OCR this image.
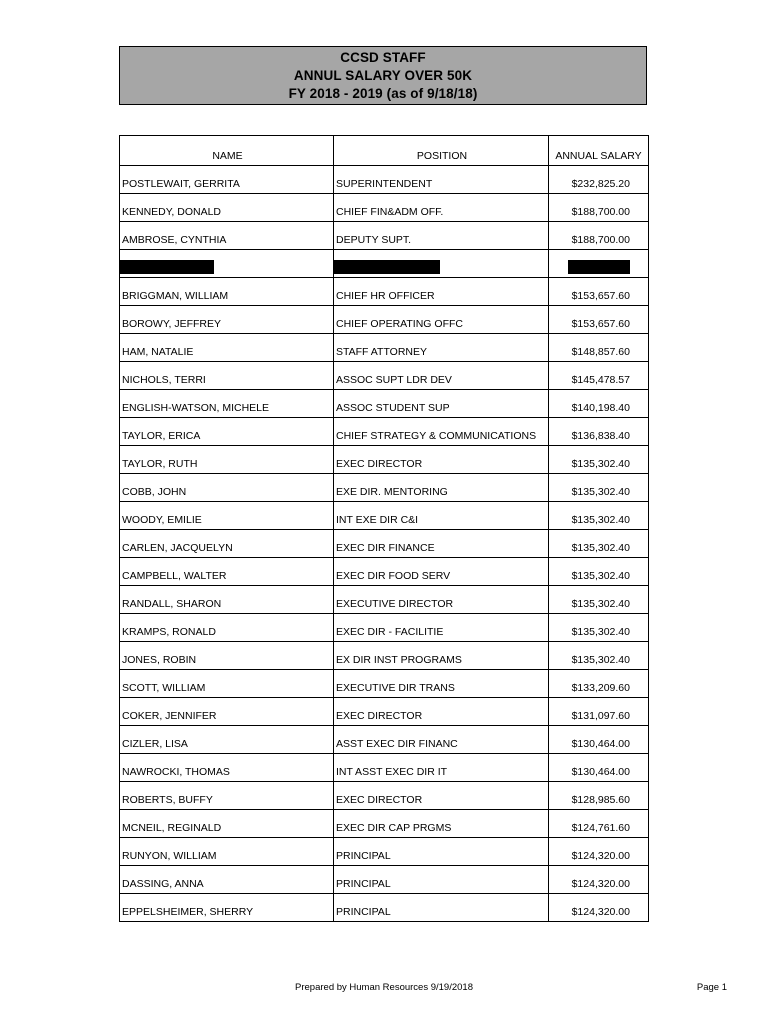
CCSD STAFF
ANNUL SALARY OVER 50K
FY 2018 - 2019 (as of 9/18/18)
NAME	POSITION	ANNUAL SALARY
POSTLEWAIT, GERRITA	SUPERINTENDENT	$232,825.20
KENNEDY, DONALD	CHIEF FIN&ADM OFF.	$188,700.00
AMBROSE, CYNTHIA	DEPUTY SUPT.	$188,700.00

BRIGGMAN, WILLIAM	CHIEF HR OFFICER	$153,657.60
BOROWY, JEFFREY	CHIEF OPERATING OFFC	$153,657.60
HAM, NATALIE	STAFF ATTORNEY	$148,857.60
NICHOLS, TERRI	ASSOC SUPT LDR DEV	$145,478.57
ENGLISH-WATSON, MICHELE	ASSOC STUDENT SUP	$140,198.40
TAYLOR, ERICA	CHIEF STRATEGY & COMMUNICATIONS	$136,838.40
TAYLOR, RUTH	EXEC DIRECTOR	$135,302.40
COBB, JOHN	EXE DIR. MENTORING	$135,302.40
WOODY, EMILIE	INT EXE DIR C&I	$135,302.40
CARLEN, JACQUELYN	EXEC DIR FINANCE	$135,302.40
CAMPBELL, WALTER	EXEC DIR FOOD SERV	$135,302.40
RANDALL, SHARON	EXECUTIVE DIRECTOR	$135,302.40
KRAMPS, RONALD	EXEC DIR - FACILITIE	$135,302.40
JONES, ROBIN	EX DIR INST PROGRAMS	$135,302.40
SCOTT, WILLIAM	EXECUTIVE DIR TRANS	$133,209.60
COKER, JENNIFER	EXEC DIRECTOR	$131,097.60
CIZLER, LISA	ASST EXEC DIR FINANC	$130,464.00
NAWROCKI, THOMAS	INT ASST EXEC DIR IT	$130,464.00
ROBERTS, BUFFY	EXEC DIRECTOR	$128,985.60
MCNEIL, REGINALD	EXEC DIR CAP PRGMS	$124,761.60
RUNYON, WILLIAM	PRINCIPAL	$124,320.00
DASSING, ANNA	PRINCIPAL	$124,320.00
EPPELSHEIMER, SHERRY	PRINCIPAL	$124,320.00
Prepared by Human Resources 9/19/2018	Page 1
